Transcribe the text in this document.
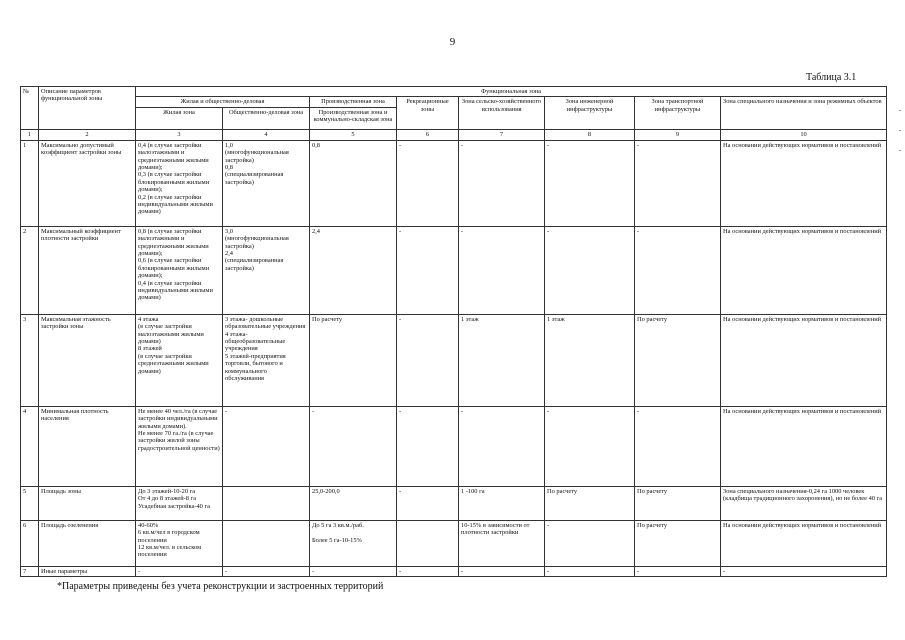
9
Таблица 3.1
-
-
-
№	Описание параметров функциональной зоны	Функциональная зона							
		Жилая и общественно-деловая		Производственная зона	Рекреационные зоны	Зона сельско-хозяйственного использования	Зона инженерной инфраструктуры	Зона транспортной инфраструктуры	Зона специального назначения и зона режимных объектов
		Жилая зона	Общественно-деловая зона	Производственная зона и коммунально-складская зона					
1	2	3	4	5	6	7	8	9	10
1	Максимально допустимый коэффициент застройки зоны	0,4 (в случае застройки малоэтажными и среднеэтажными жилыми домами);
0,3 (в случае застройки блокированными жилыми домами);
0,2 (в случае застройки индивидуальными жилыми домами)	1,0
(многофункциональная застройка)
0,8
(специализированная застройка)	0,8	-	-	-	-	На основании действующих нормативов и постановлений
2	Максимальный коэффициент плотности застройки	0,8 (в случае застройки малоэтажными и среднеэтажными жилыми домами);
0,6 (в случае застройки блокированными жилыми домами);
0,4 (в случае застройки индивидуальными жилыми домами)	3,0
(многофункциональная застройка)
2,4
(специализированная застройка)	2,4	-	-	-	-	На основании действующих нормативов и постановлений
3	Максимальная этажность застройки зоны	4 этажа
(в случае застройки малоэтажными жилыми домами)
8 этажей
(в случае застройки среднеэтажными жилыми домами)	3 этажа- дошкольные образовательные учреждения
4 этажа-общеобразовательные учреждения
5 этажей-предприятия торговли, бытового и коммунального обслуживания	По расчету	-	1 этаж	1 этаж	По расчету	На основании действующих нормативов и постановлений
4	Минимальная плотность населения	Не менее 40 чел./га (в случае застройки индивидуальными жилыми домами).
Не менее 70 га./га (в случае застройки жилой зоны градостроительной ценности)	-	-	-	-	-	-	На основании действующих нормативов и постановлений
5	Площадь зоны	До 3 этажей-10-20 га
От 4 до 8 этажей-8 га
Усадебная застройка-40 га		25,0-200,0	-	1 -100 га	По расчету	По расчету	Зона специального назначения-0,24 га 1000 человек (кладбища традиционного захоронения), но не более 40 га
6	Площадь озеленения	40-60%
6 кв.м/чел в городском поселении
12 кв.м/чел. в сельском поселении		До 5 га 3 кв.м./раб.

Более 5 га-10-15%		10-15% в зависимости от плотности застройки	-	По расчету	На основании действующих нормативов и постановлений
7	Иные параметры	-	-	-	-	-	-	-	-
*Параметры приведены без учета реконструкции и застроенных территорий
